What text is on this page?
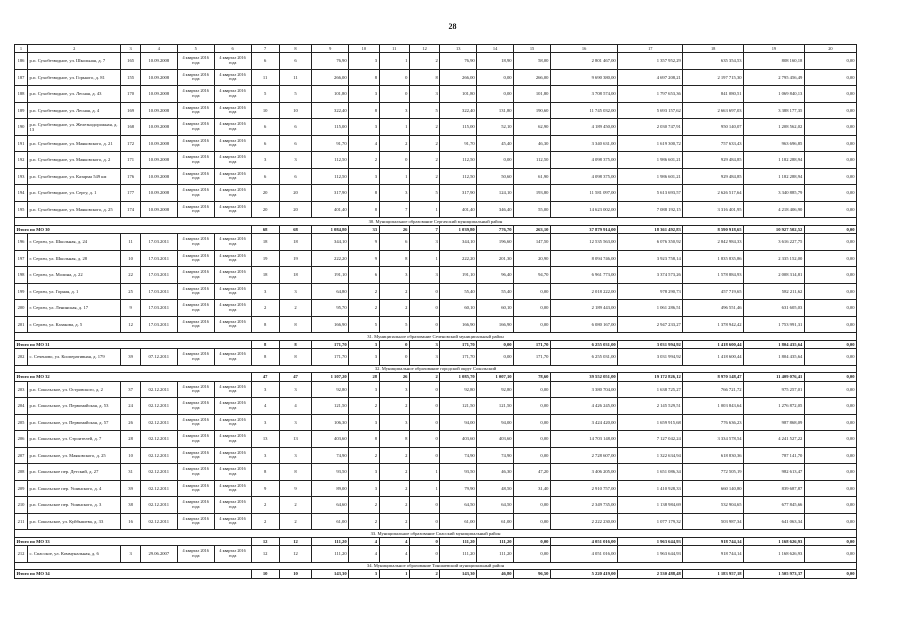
28
1	2	3	4	5	6	7	8	9	10	11	12	13	14	15	16	17	18	19	20
186	р.п. Сухобезводное, ул. Школьная, д. 7	165	10.09.2008	4 квартал 2016 года	4 квартал 2016 года	6	6	76,90	3	1	2	76,90	18,90	58,00	2 801 467,00	1 357 952,29	635 354,53	808 160,18	0,00
187	р.п. Сухобезводное, ул. Горького, д. 81	155	10.09.2008	4 квартал 2016 года	4 квартал 2016 года	11	11	266,00	8	0	8	266,00	0,00	266,00	9 690 380,00	4 697 208,21	2 197 715,30	2 795 456,49	0,00
188	р.п. Сухобезводное, ул. Лесная, д. 43	170	10.09.2008	4 квартал 2016 года	4 квартал 2016 года	5	5	101,80	3	0	3	101,80	0,00	101,80	3 708 574,00	1 797 653,36	841 080,51	1 069 840,13	0,00
189	р.п. Сухобезводное, ул. Лесная, д. 4	169	10.09.2008	4 квартал 2016 года	4 квартал 2016 года	10	10	322,40	8	3	5	322,40	131,80	190,60	11 745 032,00	5 693 157,62	2 663 697,03	3 388 177,35	0,00
190	р.п. Сухобезводное, ул. Железнодорожная, д. 13	168	10.09.2008	4 квартал 2016 года	4 квартал 2016 года	6	6	115,00	3	1	2	115,00	52,10	62,90	4 189 450,00	2 030 747,91	950 140,07	1 208 562,02	0,00
191	р.п. Сухобезводное, ул. Маяковского, д. 21	172	10.09.2008	4 квартал 2016 года	4 квартал 2016 года	6	6	91,70	4	2	2	91,70	45,40	46,30	3 340 631,00	1 619 300,72	757 633,43	963 696,85	0,00
192	р.п. Сухобезводное, ул. Маяковского, д. 2	171	10.09.2008	4 квартал 2016 года	4 квартал 2016 года	3	3	112,50	2	0	2	112,50	0,00	112,50	4 098 375,00	1 986 601,21	929 484,85	1 182 288,94	0,00
193	р.п. Сухобезводное, ул. Казарма 549 км	176	10.09.2008	4 квартал 2016 года	4 квартал 2016 года	6	6	112,50	3	1	2	112,50	50,60	61,90	4 098 375,00	1 986 601,21	929 484,85	1 182 288,94	0,00
194	р.п. Сухобезводное, ул. Сергу, д. 1	177	10.09.2008	4 квартал 2016 года	4 квартал 2016 года	20	20	317,90	8	3	5	317,90	124,10	193,80	11 581 097,00	5 613 693,57	2 626 517,64	3 340 885,79	0,00
195	р.п. Сухобезводное, ул. Маяковского, д. 25	174	10.09.2008	4 квартал 2016 года	4 квартал 2016 года	20	20	401,40	8	7	1	401,40	346,40	55,00	14 623 002,00	7 088 192,15	3 316 401,95	4 218 406,90	0,00
30. Муниципальное образование Сергачский муниципальный район																			
Итого по МО 30						68	68	1 084,80	33	26	7	1 039,80	776,70	263,10	37 879 914,00	18 361 492,83	8 590 918,65	10 927 502,52	0,00
196	г. Сергач, ул. Школьная, д. 24	11	17.03.2011	4 квартал 2016 года	4 квартал 2016 года	18	18	344,10	9	6	3	344,10	196,60	147,50	12 535 563,00	6 076 350,92	2 842 984,33	3 616 227,75	0,00
197	г. Сергач, ул. Школьная, д. 28	10	17.03.2011	4 квартал 2016 года	4 квартал 2016 года	19	19	222,20	9	8	1	222,20	201,30	20,90	8 094 746,00	3 923 758,14	1 835 835,86	2 335 152,00	0,00
198	г. Сергач, ул. Молина, д. 22	22	17.03.2011	4 квартал 2016 года	4 квартал 2016 года	18	18	191,10	6	3	3	191,10	96,40	94,70	6 961 773,00	3 374 573,26	1 578 884,93	2 008 314,81	0,00
199	г. Сергач, ул. Горная, д. 1	25	17.03.2011	4 квартал 2016 года	4 квартал 2016 года	3	3	64,80	2	2	0	55,40	55,40	0,00	2 018 222,00	978 290,73	457 719,65	582 211,62	0,00
200	г. Сергач, ул. Ленинская, д. 17	9	17.03.2011	4 квартал 2016 года	4 квартал 2016 года	2	2	95,70	2	2	0	60,10	60,10	0,00	2 189 443,00	1 061 286,51	496 551,46	631 605,03	0,00
201	г. Сергач, ул. Казакова, д. 5	12	17.03.2011	4 квартал 2016 года	4 квартал 2016 года	8	8	166,90	5	5	0	166,90	166,90	0,00	6 080 167,00	2 947 233,27	1 378 942,42	1 753 991,31	0,00
31. Муниципальное образование Сеченовский муниципальный район																			
Итого по МО 31						8	8	171,70	3	0	3	171,70	0,00	171,70	6 255 031,00	3 031 994,92	1 418 600,44	1 804 435,64	0,00
202	с. Сеченово, ул. Кооперативная, д. 179	39	07.12.2011	4 квартал 2016 года	4 квартал 2016 года	8	8	171,70	3	0	3	171,70	0,00	171,70	6 255 031,00	3 031 994,92	1 418 600,44	1 804 435,64	0,00
32. Муниципальное образование городской округ Сокольский																			
Итого по МО 32						47	47	1 107,20	28	26	2	1 085,70	1 007,10	78,60	39 552 051,00	19 172 826,12	8 970 148,47	11 409 076,41	0,00
203	р.п. Сокольское, ул. Островского, д. 2	37	02.12.2011	4 квартал 2016 года	4 квартал 2016 года	3	3	92,80	3	3	0	92,80	92,80	0,00	3 380 704,00	1 638 725,27	766 721,72	975 257,01	0,00
204	р.п. Сокольское, ул. Первомайская, д. 53	24	02.12.2011	4 квартал 2016 года	4 квартал 2016 года	4	4	121,50	2	2	0	121,50	121,50	0,00	4 426 245,00	2 145 529,51	1 003 843,64	1 276 872,05	0,00
205	р.п. Сокольское, ул. Первомайская, д. 57	26	02.12.2011	4 квартал 2016 года	4 квартал 2016 года	3	3	106,30	3	3	0	94,00	94,00	0,00	3 424 420,00	1 659 915,68	776 636,23	987 868,09	0,00
206	р.п. Сокольское, ул. Строителей, д. 7	28	02.12.2011	4 квартал 2016 года	4 квартал 2016 года	13	13	403,60	8	8	0	403,60	403,60	0,00	14 703 148,00	7 127 042,24	3 334 578,54	4 241 527,22	0,00
207	р.п. Сокольское, ул. Маяковского, д. 25	10	02.12.2011	4 квартал 2016 года	4 квартал 2016 года	3	3	74,90	2	2	0	74,90	74,90	0,00	2 728 607,00	1 322 634,94	618 830,36	787 141,70	0,00
208	р.п. Сокольское пер. Детский, д. 27	31	02.12.2011	4 квартал 2016 года	4 квартал 2016 года	8	8	93,50	3	2	1	93,50	46,30	47,20	3 406 205,00	1 651 086,34	772 505,19	982 613,47	0,00
209	р.п. Сокольское пер. Ушинского, д. 4	39	02.12.2011	4 квартал 2016 года	4 квартал 2016 года	9	9	89,00	3	2	1	79,90	48,50	31,40	2 910 757,00	1 410 928,33	660 140,80	839 687,87	0,00
210	р.п. Сокольское пер. Ушинского, д. 3	38	02.12.2011	4 квартал 2016 года	4 квартал 2016 года	2	2	64,60	2	2	0	64,50	64,50	0,00	2 349 735,00	1 138 984,69	532 904,65	677 845,66	0,00
211	р.п. Сокольское, ул. Куйбышева, д. 33	16	02.12.2011	4 квартал 2016 года	4 квартал 2016 года	2	2	61,00	2	2	0	61,00	61,00	0,00	2 222 230,00	1 077 179,32	503 987,34	641 063,34	0,00
33. Муниципальное образование Спасский муниципальный район																			
Итого по МО 33						12	12	111,20	4	4	0	111,20	111,20	0,00	4 051 016,00	1 963 644,93	918 744,14	1 168 626,93	0,00
212	с. Спасское, ул. Коммунальная, д. 6	3	29.06.2007	4 квартал 2016 года	4 квартал 2016 года	12	12	111,20	4	4	0	111,20	111,20	0,00	4 051 016,00	1 963 644,93	918 744,14	1 168 626,93	0,00
34. Муниципальное образование Тоншаевский муниципальный район																			
Итого по МО 34						10	10	143,30	3	1	2	143,30	46,80	96,50	5 220 419,00	2 530 488,48	1 183 957,18	1 505 973,37	0,00
